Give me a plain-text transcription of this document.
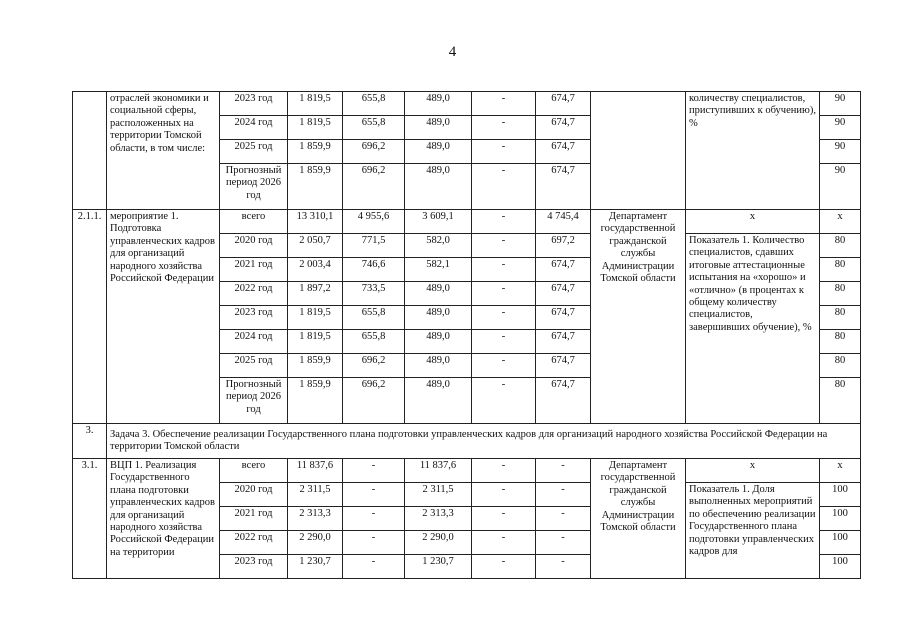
4
	отраслей экономики и социальной сферы, расположенных на территории Томской области, в том числе:	2023 год	1 819,5	655,8	489,0	-	674,7		количеству специалистов, приступивших к обучению), %	90
		2024 год	1 819,5	655,8	489,0	-	674,7			90
		2025 год	1 859,9	696,2	489,0	-	674,7			90
		Прогнозный период 2026 год	1 859,9	696,2	489,0	-	674,7			90
2.1.1.	мероприятие 1. Подготовка управленческих кадров для организаций народного хозяйства Российской Федерации	всего	13 310,1	4 955,6	3 609,1	-	4 745,4	Департамент государственной гражданской службы Администрации Томской области	х	х
		2020 год	2 050,7	771,5	582,0	-	697,2		Показатель 1. Количество специалистов, сдавших итоговые аттестационные испытания на «хорошо» и «отлично» (в процентах к общему количеству специалистов, завершивших обучение), %	80
		2021 год	2 003,4	746,6	582,1	-	674,7			80
		2022 год	1 897,2	733,5	489,0	-	674,7			80
		2023 год	1 819,5	655,8	489,0	-	674,7			80
		2024 год	1 819,5	655,8	489,0	-	674,7			80
		2025 год	1 859,9	696,2	489,0	-	674,7			80
		Прогнозный период 2026 год	1 859,9	696,2	489,0	-	674,7			80
3.	Задача 3. Обеспечение реализации Государственного плана подготовки управленческих кадров для организаций народного хозяйства Российской Федерации на территории Томской области									
3.1.	ВЦП 1. Реализация Государственного плана подготовки управленческих кадров для организаций народного хозяйства Российской Федерации на территории	всего	11 837,6	-	11 837,6	-	-	Департамент государственной гражданской службы Администрации Томской области	х	х
		2020 год	2 311,5	-	2 311,5	-	-		Показатель 1. Доля выполненных мероприятий по обеспечению реализации Государственного плана подготовки управленческих кадров для	100
		2021 год	2 313,3	-	2 313,3	-	-			100
		2022 год	2 290,0	-	2 290,0	-	-			100
		2023 год	1 230,7	-	1 230,7	-	-			100
